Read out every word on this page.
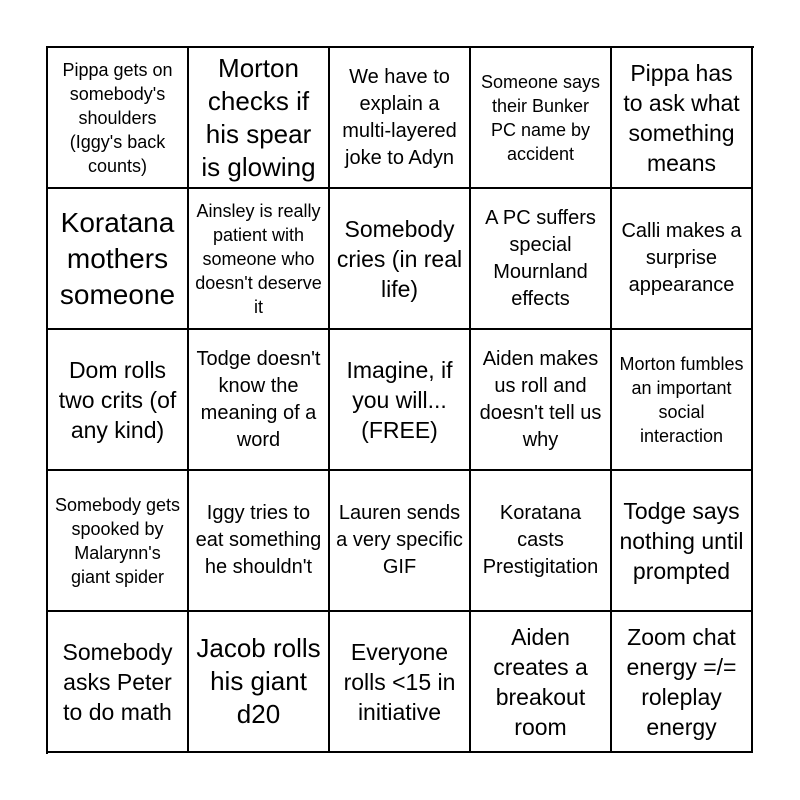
Pippa gets on somebody's shoulders (Iggy's back counts)
Morton checks if his spear is glowing
We have to explain a multi-layered joke to Adyn
Someone says their Bunker PC name by accident
Pippa has to ask what something means
Koratana mothers someone
Ainsley is really patient with someone who doesn't deserve it
Somebody cries (in real life)
A PC suffers special Mournland effects
Calli makes a surprise appearance
Dom rolls two crits (of any kind)
Todge doesn't know the meaning of a word
Imagine, if you will... (FREE)
Aiden makes us roll and doesn't tell us why
Morton fumbles an important social interaction
Somebody gets spooked by Malarynn's giant spider
Iggy tries to eat something he shouldn't
Lauren sends a very specific GIF
Koratana casts Prestigitation
Todge says nothing until prompted
Somebody asks Peter to do math
Jacob rolls his giant d20
Everyone rolls <15 in initiative
Aiden creates a breakout room
Zoom chat energy =/= roleplay energy
